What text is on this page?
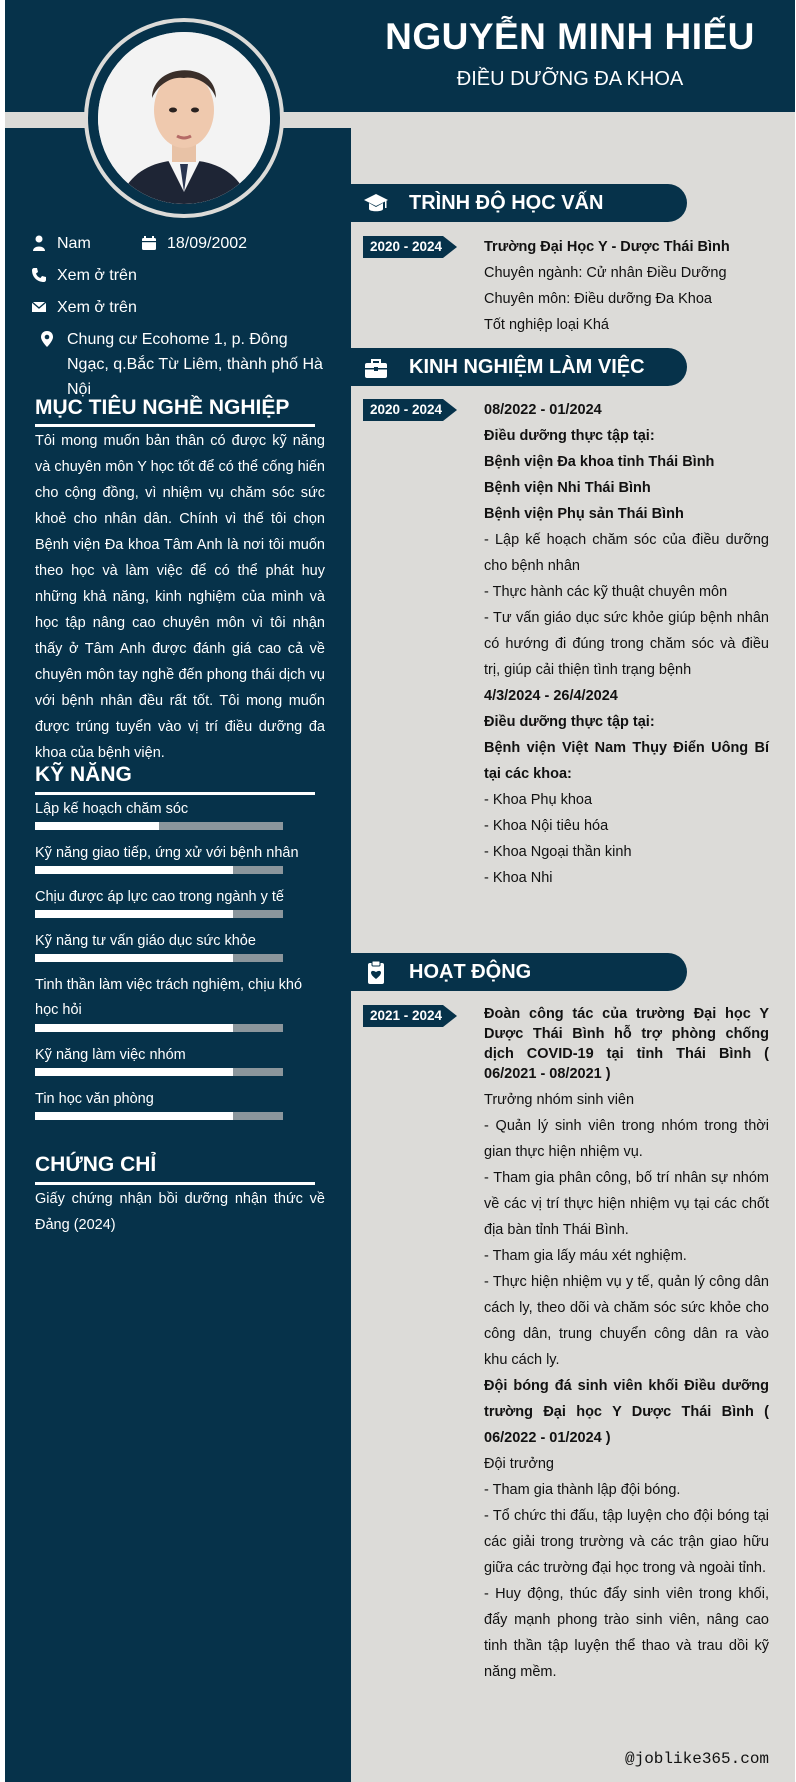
NGUYỄN MINH HIẾU
ĐIỀU DƯỠNG ĐA KHOA
Nam	18/09/2002
Xem ở trên
Xem ở trên
Chung cư Ecohome 1, p. Đông Ngạc, q.Bắc Từ Liêm, thành phố Hà Nội
MỤC TIÊU NGHỀ NGHIỆP
Tôi mong muốn bản thân có được kỹ năng và chuyên môn Y học tốt để có thể cống hiến cho cộng đồng, vì nhiệm vụ chăm sóc sức khoẻ cho nhân dân. Chính vì thế tôi chọn Bệnh viện Đa khoa Tâm Anh là nơi tôi muốn theo học và làm việc để có thể phát huy những khả năng, kinh nghiệm của mình và học tập nâng cao chuyên môn vì tôi nhận thấy ở Tâm Anh được đánh giá cao cả về chuyên môn tay nghề đến phong thái dịch vụ với bệnh nhân đều rất tốt. Tôi mong muốn được trúng tuyển vào vị trí điều dưỡng đa khoa của bệnh viện.
KỸ NĂNG
Lập kế hoạch chăm sóc
Kỹ năng giao tiếp, ứng xử với bệnh nhân
Chịu được áp lực cao trong ngành y tế
Kỹ năng tư vấn giáo dục sức khỏe
Tinh thần làm việc trách nghiệm, chịu khó học hỏi
Kỹ năng làm việc nhóm
Tin học văn phòng
CHỨNG CHỈ
Giấy chứng nhận bồi dưỡng nhận thức về Đảng (2024)
TRÌNH ĐỘ HỌC VẤN
2020 - 2024	Trường Đại Học Y - Dược Thái Bình
Chuyên ngành: Cử nhân Điều Dưỡng
Chuyên môn: Điều dưỡng Đa Khoa
Tốt nghiệp loại Khá
KINH NGHIỆM LÀM VIỆC
2020 - 2024	08/2022 - 01/2024
Điều dưỡng thực tập tại:
Bệnh viện Đa khoa tỉnh Thái Bình
Bệnh viện Nhi Thái Bình
Bệnh viện Phụ sản Thái Bình
- Lập kế hoạch chăm sóc của điều dưỡng cho bệnh nhân
- Thực hành các kỹ thuật chuyên môn
- Tư vấn giáo dục sức khỏe giúp bệnh nhân có hướng đi đúng trong chăm sóc và điều trị, giúp cải thiện tình trạng bệnh
4/3/2024 - 26/4/2024
Điều dưỡng thực tập tại:
Bệnh viện Việt Nam Thụy Điển Uông Bí tại các khoa:
- Khoa Phụ khoa
- Khoa Nội tiêu hóa
- Khoa Ngoại thần kinh
- Khoa Nhi
HOẠT ĐỘNG
2021 - 2024	Đoàn công tác của trường Đại học Y Dược Thái Bình hỗ trợ phòng chống dịch COVID-19 tại tỉnh Thái Bình ( 06/2021 - 08/2021 )
Trưởng nhóm sinh viên
- Quản lý sinh viên trong nhóm trong thời gian thực hiện nhiệm vụ.
- Tham gia phân công, bố trí nhân sự nhóm về các vị trí thực hiện nhiệm vụ tại các chốt địa bàn tỉnh Thái Bình.
- Tham gia lấy máu xét nghiệm.
- Thực hiện nhiệm vụ y tế, quản lý công dân cách ly, theo dõi và chăm sóc sức khỏe cho công dân, trung chuyển công dân ra vào khu cách ly.
Đội bóng đá sinh viên khối Điều dưỡng trường Đại học Y Dược Thái Bình ( 06/2022 - 01/2024 )
Đội trưởng
- Tham gia thành lập đội bóng.
- Tổ chức thi đấu, tập luyện cho đội bóng tại các giải trong trường và các trận giao hữu giữa các trường đại học trong và ngoài tỉnh.
- Huy động, thúc đẩy sinh viên trong khối, đẩy mạnh phong trào sinh viên, nâng cao tinh thần tập luyện thể thao và trau dồi kỹ năng mềm.
@joblike365.com
